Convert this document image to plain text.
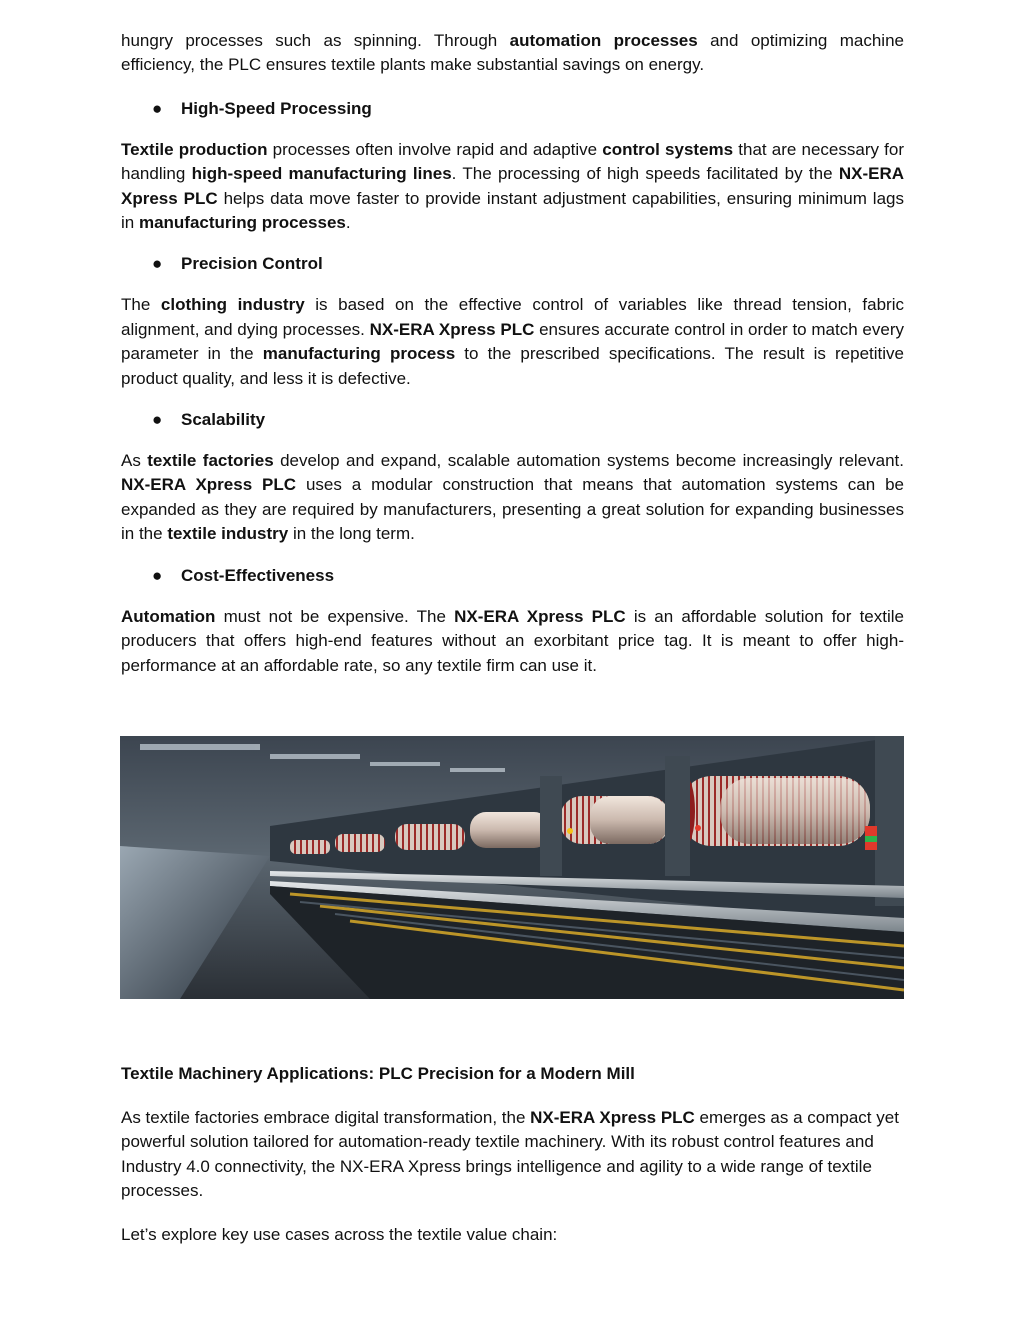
hungry processes such as spinning. Through automation processes and optimizing machine efficiency, the PLC ensures textile plants make substantial savings on energy.

● High-Speed Processing

Textile production processes often involve rapid and adaptive control systems that are necessary for handling high-speed manufacturing lines. The processing of high speeds facilitated by the NX-ERA Xpress PLC helps data move faster to provide instant adjustment capabilities, ensuring minimum lags in manufacturing processes.

● Precision Control

The clothing industry is based on the effective control of variables like thread tension, fabric alignment, and dying processes. NX-ERA Xpress PLC ensures accurate control in order to match every parameter in the manufacturing process to the prescribed specifications. The result is repetitive product quality, and less it is defective.

● Scalability

As textile factories develop and expand, scalable automation systems become increasingly relevant. NX-ERA Xpress PLC uses a modular construction that means that automation systems can be expanded as they are required by manufacturers, presenting a great solution for expanding businesses in the textile industry in the long term.

● Cost-Effectiveness

Automation must not be expensive. The NX-ERA Xpress PLC is an affordable solution for textile producers that offers high-end features without an exorbitant price tag. It is meant to offer high-performance at an affordable rate, so any textile firm can use it.

Textile Machinery Applications: PLC Precision for a Modern Mill

As textile factories embrace digital transformation, the NX-ERA Xpress PLC emerges as a compact yet powerful solution tailored for automation-ready textile machinery. With its robust control features and Industry 4.0 connectivity, the NX-ERA Xpress brings intelligence and agility to a wide range of textile processes.

Let’s explore key use cases across the textile value chain:
